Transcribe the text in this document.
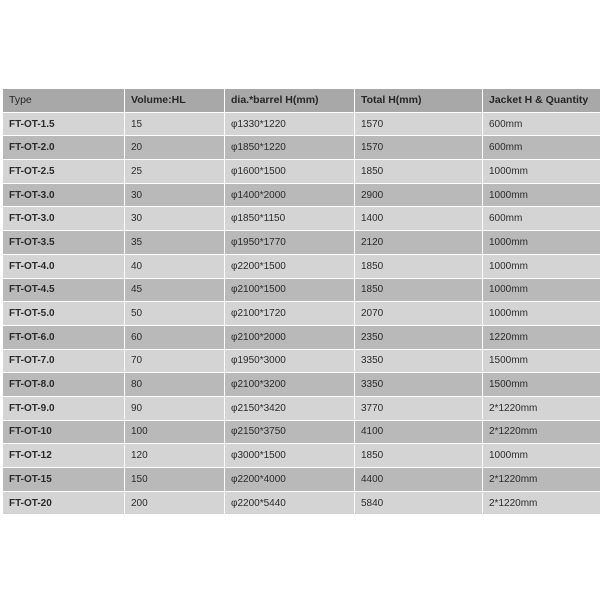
Type	Volume:HL	dia.*barrel H(mm)	Total H(mm)	Jacket H & Quantity
FT-OT-1.5	15	φ1330*1220	1570	600mm
FT-OT-2.0	20	φ1850*1220	1570	600mm
FT-OT-2.5	25	φ1600*1500	1850	1000mm
FT-OT-3.0	30	φ1400*2000	2900	1000mm
FT-OT-3.0	30	φ1850*1150	1400	600mm
FT-OT-3.5	35	φ1950*1770	2120	1000mm
FT-OT-4.0	40	φ2200*1500	1850	1000mm
FT-OT-4.5	45	φ2100*1500	1850	1000mm
FT-OT-5.0	50	φ2100*1720	2070	1000mm
FT-OT-6.0	60	φ2100*2000	2350	1220mm
FT-OT-7.0	70	φ1950*3000	3350	1500mm
FT-OT-8.0	80	φ2100*3200	3350	1500mm
FT-OT-9.0	90	φ2150*3420	3770	2*1220mm
FT-OT-10	100	φ2150*3750	4100	2*1220mm
FT-OT-12	120	φ3000*1500	1850	1000mm
FT-OT-15	150	φ2200*4000	4400	2*1220mm
FT-OT-20	200	φ2200*5440	5840	2*1220mm
